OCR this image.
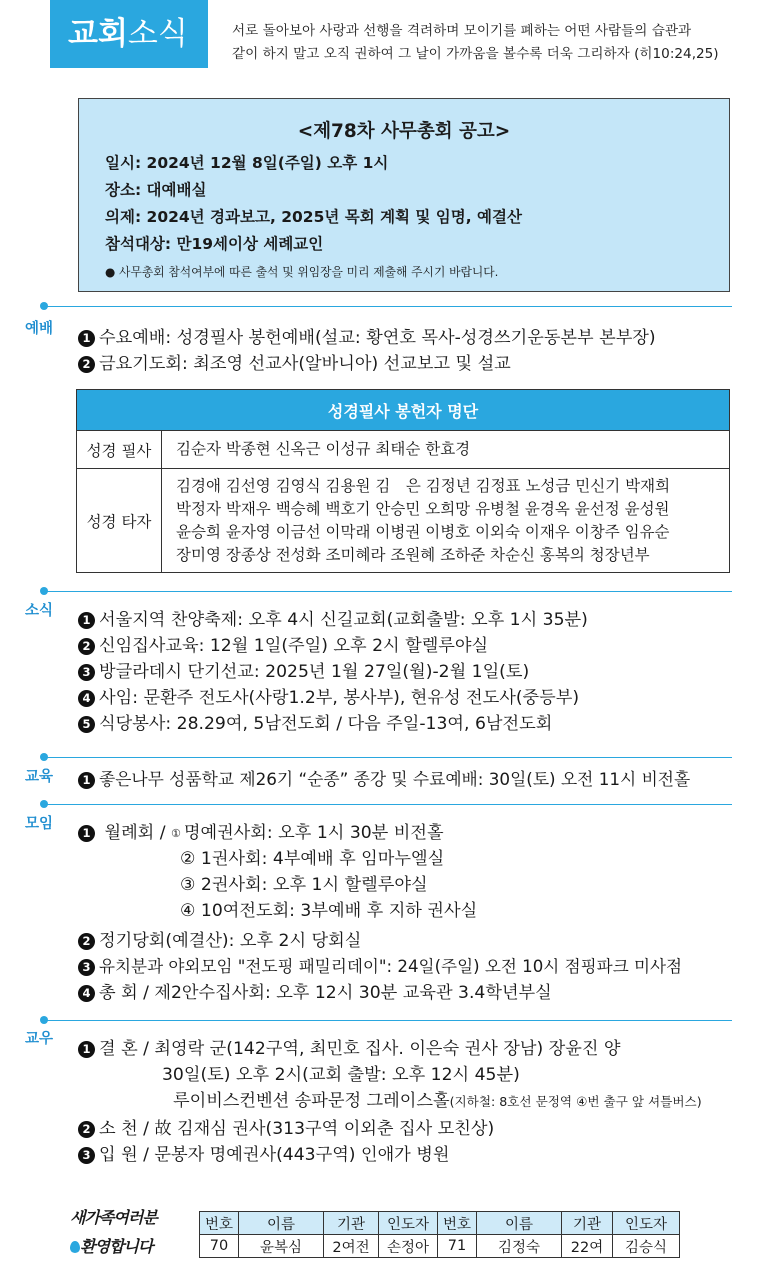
교회소식	서로 돌아보아 사랑과 선행을 격려하며 모이기를 폐하는 어떤 사람들의 습관과
같이 하지 말고 오직 권하여 그 날이 가까움을 볼수록 더욱 그리하자 (히10:24,25)
<제78차 사무총회 공고>
일시: 2024년 12월 8일(주일) 오후 1시
장소: 대예배실
의제: 2024년 경과보고, 2025년 목회 계획 및 임명, 예결산
참석대상: 만19세이상 세례교인
● 사무총회 참석여부에 따른 출석 및 위임장을 미리 제출해 주시기 바랍니다.
예배
1 수요예배: 성경필사 봉헌예배(설교: 황연호 목사-성경쓰기운동본부 본부장)
2 금요기도회: 최조영 선교사(알바니아) 선교보고 및 설교
성경필사 봉헌자 명단	
성경 필사	김순자 박종현 신옥근 이성규 최태순 한효경
성경 타자	김경애 김선영 김영식 김용원 김　은 김정년 김정표 노성금 민신기 박재희
박정자 박재우 백승혜 백호기 안승민 오희망 유병철 윤경옥 윤선정 윤성원
윤승희 윤자영 이금선 이막래 이병권 이병호 이외숙 이재우 이창주 임유순
장미영 장종상 전성화 조미혜라 조원혜 조하준 차순신 홍복의 청장년부
소식
1 서울지역 찬양축제: 오후 4시 신길교회(교회출발: 오후 1시 35분)
2 신임집사교육: 12월 1일(주일) 오후 2시 할렐루야실
3 방글라데시 단기선교: 2025년 1월 27일(월)-2월 1일(토)
4 사임: 문환주 전도사(사랑1.2부, 봉사부), 현유성 전도사(중등부)
5 식당봉사: 28.29여, 5남전도회 / 다음 주일-13여, 6남전도회
교육	1 좋은나무 성품학교 제26기 “순종” 종강 및 수료예배: 30일(토) 오전 11시 비전홀
모임
1 월례회 / ① 명예권사회: 오후 1시 30분 비전홀
② 1권사회: 4부예배 후 임마누엘실
③ 2권사회: 오후 1시 할렐루야실
④ 10여전도회: 3부예배 후 지하 권사실
2 정기당회(예결산): 오후 2시 당회실
3 유치분과 야외모임 "전도핑 패밀리데이": 24일(주일) 오전 10시 점핑파크 미사점
4 총 회 / 제2안수집사회: 오후 12시 30분 교육관 3.4학년부실
교우
1 결 혼 / 최영락 군(142구역, 최민호 집사. 이은숙 권사 장남) 장윤진 양
30일(토) 오후 2시(교회 출발: 오후 12시 45분)
루이비스컨벤션 송파문정 그레이스홀(지하철: 8호선 문정역 ④번 출구 앞 셔틀버스)
2 소 천 / 故 김재심 권사(313구역 이외춘 집사 모친상)
3 입 원 / 문봉자 명예권사(443구역) 인애가 병원
새가족여러분
환영합니다
번호	이름	기관	인도자	번호	이름	기관	인도자
70	윤복심	2여전	손정아	71	김정숙	22여	김승식
